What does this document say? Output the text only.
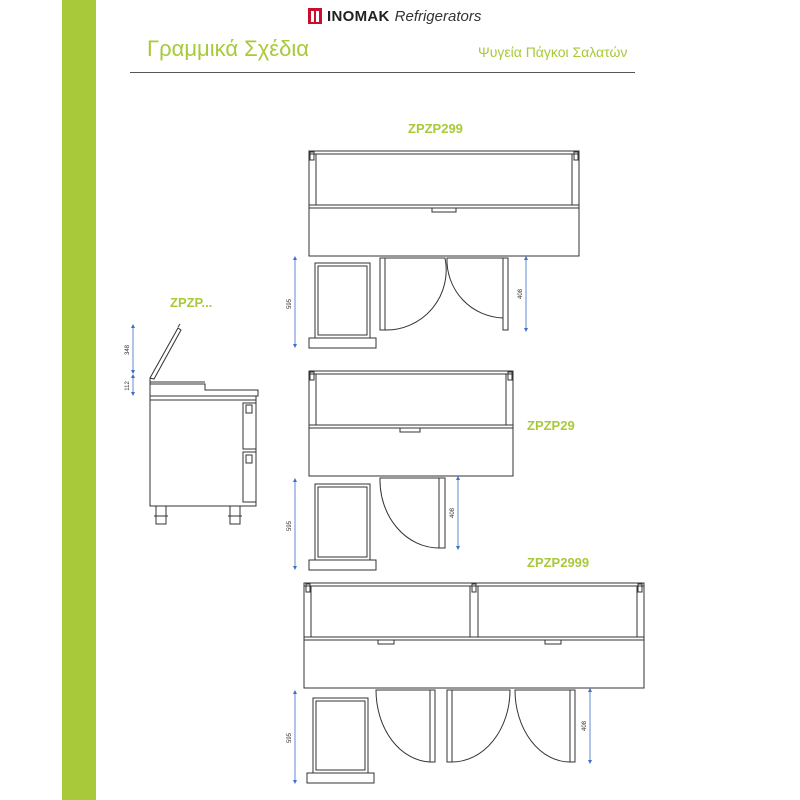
INOMAK Refrigerators
Γραμμικά Σχέδια	Ψυγεία Πάγκοι Σαλατών
ZPZP...
ZPZP299
ZPZP29
ZPZP2999
348
112
595
408
595
408
595
408
